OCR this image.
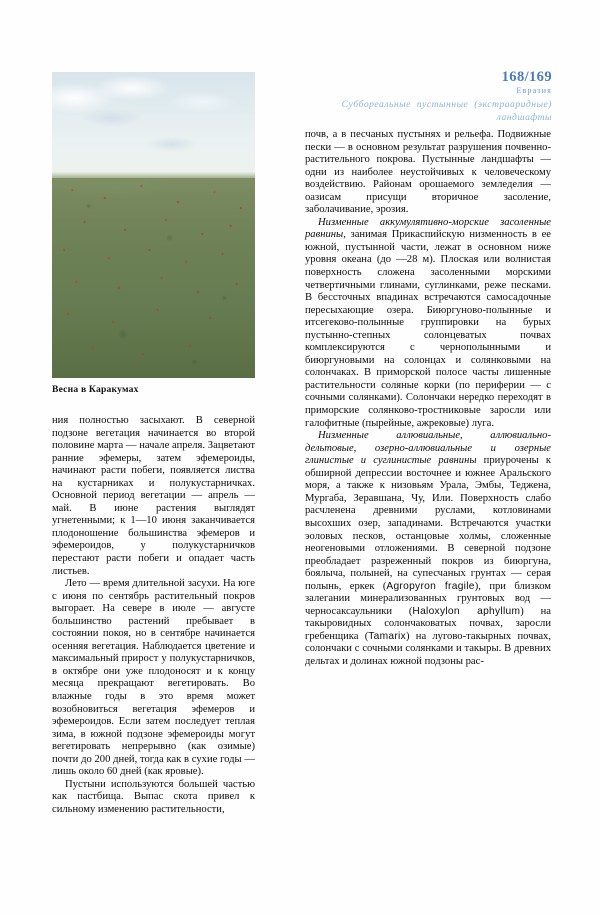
168/169
Евразия
Суббореальные пустынные (экстрааридные)
ландшафты
Весна в Каракумах

ния полностью засыхают. В северной подзоне вегетация начинается во второй половине марта — начале апреля. Зацветают ранние эфемеры, затем эфемероиды, начинают расти побеги, появляется листва на кустарниках и полукустарничках. Основной период вегетации — апрель — май. В июне растения выглядят угнетенными; к 1—10 июня заканчивается плодоношение большинства эфемеров и эфемероидов, у полукустарничков перестают расти побеги и опадает часть листьев.

Лето — время длительной засухи. На юге с июня по сентябрь растительный покров выгорает. На севере в июле — августе большинство растений пребывает в состоянии покоя, но в сентябре начинается осенняя вегетация. Наблюдается цветение и максимальный прирост у полукустарничков, в октябре они уже плодоносят и к концу месяца прекращают вегетировать. Во влажные годы в это время может возобновиться вегетация эфемеров и эфемероидов. Если затем последует теплая зима, в южной подзоне эфемероиды могут вегетировать непрерывно (как озимые) почти до 200 дней, тогда как в сухие годы — лишь около 60 дней (как яровые).

Пустыни используются большей частью как пастбища. Выпас скота привел к сильному изменению растительности,

почв, а в песчаных пустынях и рельефа. Подвижные пески — в основном результат разрушения почвенно-растительного покрова. Пустынные ландшафты — одни из наиболее неустойчивых к человеческому воздействию. Районам орошаемого земледелия — оазисам присущи вторичное засоление, заболачивание, эрозия.

Низменные аккумулятивно-морские засоленные равнины, занимая Прикаспийскую низменность в ее южной, пустынной части, лежат в основном ниже уровня океана (до —28 м). Плоская или волнистая поверхность сложена засоленными морскими четвертичными глинами, суглинками, реже песками. В бессточных впадинах встречаются самосадочные пересыхающие озера. Биюргуново-полынные и итсегеково-полынные группировки на бурых пустынно-степных солонцеватых почвах комплексируются с чернополынными и биюргуновыми на солонцах и солянковыми на солончаках. В приморской полосе часты лишенные растительности соляные корки (по периферии — с сочными солянками). Солончаки нередко переходят в приморские солянково-тростниковые заросли или галофитные (пырейные, ажрековые) луга.

Низменные аллювиальные, аллювиально-дельтовые, озерно-аллювиальные и озерные глинистые и суглинистые равнины приурочены к обширной депрессии восточнее и южнее Аральского моря, а также к низовьям Урала, Эмбы, Теджена, Мургаба, Зеравшана, Чу, Или. Поверхность слабо расчленена древними руслами, котловинами высохших озер, западинами. Встречаются участки эоловых песков, останцовые холмы, сложенные неогеновыми отложениями. В северной подзоне преобладает разреженный покров из биюргуна, боялыча, полыней, на супесчаных грунтах — серая полынь, еркек (Agropyron fragile), при близком залегании минерализованных грунтовых вод — черносаксаульники (Haloxylon aphyllum) на такыровидных солончаковатых почвах, заросли гребенщика (Tamarix) на лугово-такырных почвах, солончаки с сочными солянками и такыры. В древних дельтах и долинах южной подзоны рас-
